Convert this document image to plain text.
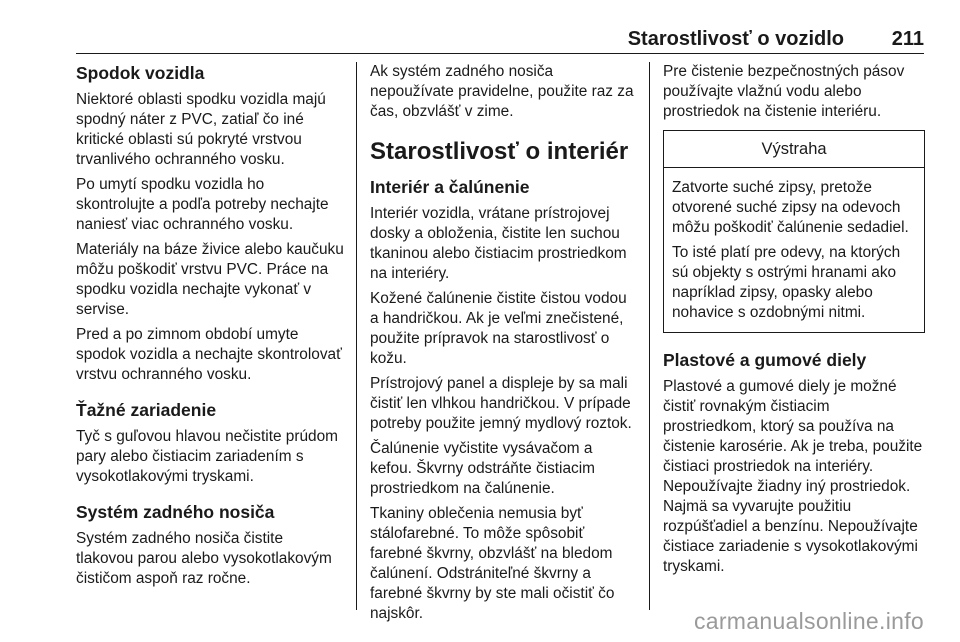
Starostlivosť o vozidlo 211
Spodok vozidla

Niektoré oblasti spodku vozidla majú spodný náter z PVC, zatiaľ čo iné kritické oblasti sú pokryté vrstvou trvanlivého ochranného vosku.

Po umytí spodku vozidla ho skontrolujte a podľa potreby nechajte naniesť viac ochranného vosku.

Materiály na báze živice alebo kaučuku môžu poškodiť vrstvu PVC. Práce na spodku vozidla nechajte vykonať v servise.

Pred a po zimnom období umyte spodok vozidla a nechajte skontrolovať vrstvu ochranného vosku.

Ťažné zariadenie

Tyč s guľovou hlavou nečistite prúdom pary alebo čistiacim zariadením s vysokotlakovými tryskami.

Systém zadného nosiča

Systém zadného nosiča čistite tlakovou parou alebo vysokotlakovým čističom aspoň raz ročne.

Ak systém zadného nosiča nepoužívate pravidelne, použite raz za čas, obzvlášť v zime.

Starostlivosť o interiér
Interiér a čalúnenie

Interiér vozidla, vrátane prístrojovej dosky a obloženia, čistite len suchou tkaninou alebo čistiacim prostriedkom na interiéry.

Kožené čalúnenie čistite čistou vodou a handričkou. Ak je veľmi znečistené, použite prípravok na starostlivosť o kožu.

Prístrojový panel a displeje by sa mali čistiť len vlhkou handričkou. V prípade potreby použite jemný mydlový roztok.

Čalúnenie vyčistite vysávačom a kefou. Škvrny odstráňte čistiacim prostriedkom na čalúnenie.

Tkaniny oblečenia nemusia byť stálofarebné. To môže spôsobiť farebné škvrny, obzvlášť na bledom čalúnení. Odstrániteľné škvrny a farebné škvrny by ste mali očistiť čo najskôr.

Pre čistenie bezpečnostných pásov používajte vlažnú vodu alebo prostriedok na čistenie interiéru.

Výstraha

Zatvorte suché zipsy, pretože otvorené suché zipsy na odevoch môžu poškodiť čalúnenie sedadiel.

To isté platí pre odevy, na ktorých sú objekty s ostrými hranami ako napríklad zipsy, opasky alebo nohavice s ozdobnými nitmi.

Plastové a gumové diely

Plastové a gumové diely je možné čistiť rovnakým čistiacim prostriedkom, ktorý sa používa na čistenie karosérie. Ak je treba, použite čistiaci prostriedok na interiéry. Nepoužívajte žiadny iný prostriedok. Najmä sa vyvarujte použitiu rozpúšťadiel a benzínu. Nepoužívajte čistiace zariadenie s vysokotlakovými tryskami.

carmanualsonline.info
